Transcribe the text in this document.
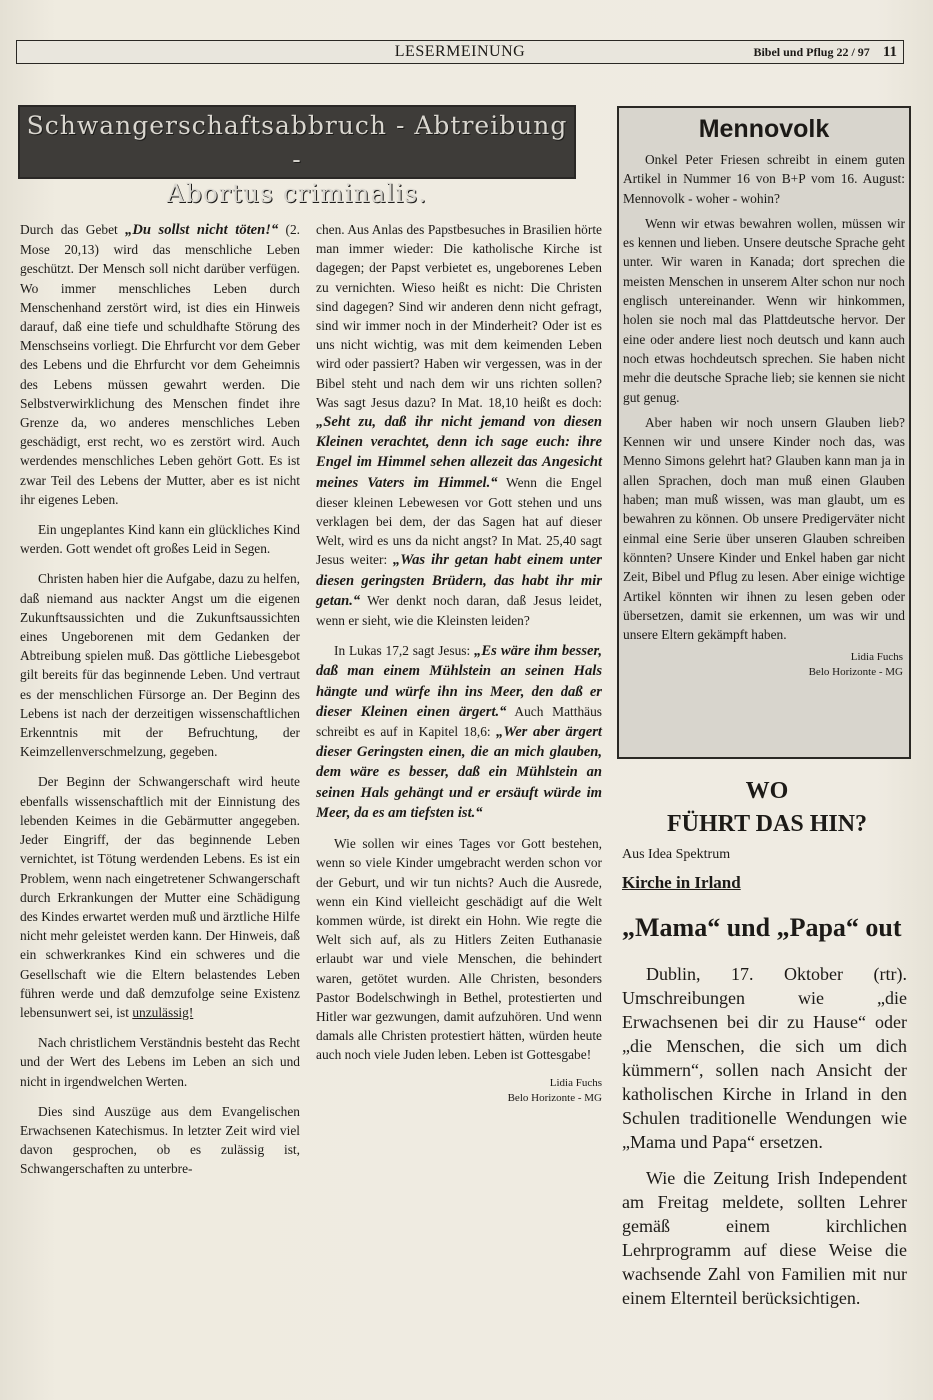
LESERMEINUNG	Bibel und Pflug 22 / 97 11
Schwangerschaftsabbruch - Abtreibung -
Abortus criminalis.

Durch das Gebet „Du sollst nicht töten!“ (2. Mose 20,13) wird das menschliche Leben geschützt. Der Mensch soll nicht darüber verfügen. Wo immer menschliches Leben durch Menschenhand zerstört wird, ist dies ein Hinweis darauf, daß eine tiefe und schuldhafte Störung des Menschseins vorliegt. Die Ehrfurcht vor dem Geber des Lebens und die Ehrfurcht vor dem Geheimnis des Lebens müssen gewahrt werden. Die Selbstverwirklichung des Menschen findet ihre Grenze da, wo anderes menschliches Leben geschädigt, erst recht, wo es zerstört wird. Auch werdendes menschliches Leben gehört Gott. Es ist zwar Teil des Lebens der Mutter, aber es ist nicht ihr eigenes Leben.

Ein ungeplantes Kind kann ein glückliches Kind werden. Gott wendet oft großes Leid in Segen.

Christen haben hier die Aufgabe, dazu zu helfen, daß niemand aus nackter Angst um die eigenen Zukunftsaussichten und die Zukunftsaussichten eines Ungeborenen mit dem Gedanken der Abtreibung spielen muß. Das göttliche Liebesgebot gilt bereits für das beginnende Leben. Und vertraut es der menschlichen Fürsorge an. Der Beginn des Lebens ist nach der derzeitigen wissenschaftlichen Erkenntnis mit der Befruchtung, der Keimzellenverschmelzung, gegeben.

Der Beginn der Schwangerschaft wird heute ebenfalls wissenschaftlich mit der Einnistung des lebenden Keimes in die Gebärmutter angegeben. Jeder Eingriff, der das beginnende Leben vernichtet, ist Tötung werdenden Lebens. Es ist ein Problem, wenn nach eingetretener Schwangerschaft durch Erkrankungen der Mutter eine Schädigung des Kindes erwartet werden muß und ärztliche Hilfe nicht mehr geleistet werden kann. Der Hinweis, daß ein schwerkrankes Kind ein schweres und die Gesellschaft wie die Eltern belastendes Leben führen werde und daß demzufolge seine Existenz lebensunwert sei, ist unzulässig!

Nach christlichem Verständnis besteht das Recht und der Wert des Lebens im Leben an sich und nicht in irgendwelchen Werten.

Dies sind Auszüge aus dem Evangelischen Erwachsenen Katechismus. In letzter Zeit wird viel davon gesprochen, ob es zulässig ist, Schwangerschaften zu unterbre-

chen. Aus Anlas des Papstbesuches in Brasilien hörte man immer wieder: Die katholische Kirche ist dagegen; der Papst verbietet es, ungeborenes Leben zu vernichten. Wieso heißt es nicht: Die Christen sind dagegen? Sind wir anderen denn nicht gefragt, sind wir immer noch in der Minderheit? Oder ist es uns nicht wichtig, was mit dem keimenden Leben wird oder passiert? Haben wir vergessen, was in der Bibel steht und nach dem wir uns richten sollen? Was sagt Jesus dazu? In Mat. 18,10 heißt es doch: „Seht zu, daß ihr nicht jemand von diesen Kleinen verachtet, denn ich sage euch: ihre Engel im Himmel sehen allezeit das Angesicht meines Vaters im Himmel.“ Wenn die Engel dieser kleinen Lebewesen vor Gott stehen und uns verklagen bei dem, der das Sagen hat auf dieser Welt, wird es uns da nicht angst? In Mat. 25,40 sagt Jesus weiter: „Was ihr getan habt einem unter diesen geringsten Brüdern, das habt ihr mir getan.“ Wer denkt noch daran, daß Jesus leidet, wenn er sieht, wie die Kleinsten leiden?

In Lukas 17,2 sagt Jesus: „Es wäre ihm besser, daß man einem Mühlstein an seinen Hals hängte und würfe ihn ins Meer, den daß er dieser Kleinen einen ärgert.“ Auch Matthäus schreibt es auf in Kapitel 18,6: „Wer aber ärgert dieser Geringsten einen, die an mich glauben, dem wäre es besser, daß ein Mühlstein an seinen Hals gehängt und er ersäuft würde im Meer, da es am tiefsten ist.“

Wie sollen wir eines Tages vor Gott bestehen, wenn so viele Kinder umgebracht werden schon vor der Geburt, und wir tun nichts? Auch die Ausrede, wenn ein Kind vielleicht geschädigt auf die Welt kommen würde, ist direkt ein Hohn. Wie regte die Welt sich auf, als zu Hitlers Zeiten Euthanasie erlaubt war und viele Menschen, die behindert waren, getötet wurden. Alle Christen, besonders Pastor Bodelschwingh in Bethel, protestierten und Hitler war gezwungen, damit aufzuhören. Und wenn damals alle Christen protestiert hätten, würden heute auch noch viele Juden leben. Leben ist Gottesgabe!

Lidia Fuchs
Belo Horizonte - MG
Mennovolk

Onkel Peter Friesen schreibt in einem guten Artikel in Nummer 16 von B+P vom 16. August: Mennovolk - woher - wohin?

Wenn wir etwas bewahren wollen, müssen wir es kennen und lieben. Unsere deutsche Sprache geht unter. Wir waren in Kanada; dort sprechen die meisten Menschen in unserem Alter schon nur noch englisch untereinander. Wenn wir hinkommen, holen sie noch mal das Plattdeutsche hervor. Der eine oder andere liest noch deutsch und kann auch noch etwas hochdeutsch sprechen. Sie haben nicht mehr die deutsche Sprache lieb; sie kennen sie nicht gut genug.

Aber haben wir noch unsern Glauben lieb? Kennen wir und unsere Kinder noch das, was Menno Simons gelehrt hat? Glauben kann man ja in allen Sprachen, doch man muß einen Glauben haben; man muß wissen, was man glaubt, um es bewahren zu können. Ob unsere Predigerväter nicht einmal eine Serie über unseren Glauben schreiben könnten? Unsere Kinder und Enkel haben gar nicht Zeit, Bibel und Pflug zu lesen. Aber einige wichtige Artikel könnten wir ihnen zu lesen geben oder übersetzen, damit sie erkennen, um was wir und unsere Eltern gekämpft haben.

Lidia Fuchs
Belo Horizonte - MG
WO
FÜHRT DAS HIN?
Aus Idea Spektrum
Kirche in Irland
„Mama“ und „Papa“ out

Dublin, 17. Oktober (rtr). Umschreibungen wie „die Erwachsenen bei dir zu Hause“ oder „die Menschen, die sich um dich kümmern“, sollen nach Ansicht der katholischen Kirche in Irland in den Schulen traditionelle Wendungen wie „Mama und Papa“ ersetzen.

Wie die Zeitung Irish Independent am Freitag meldete, sollten Lehrer gemäß einem kirchlichen Lehrprogramm auf diese Weise die wachsende Zahl von Familien mit nur einem Elternteil berücksichtigen.
